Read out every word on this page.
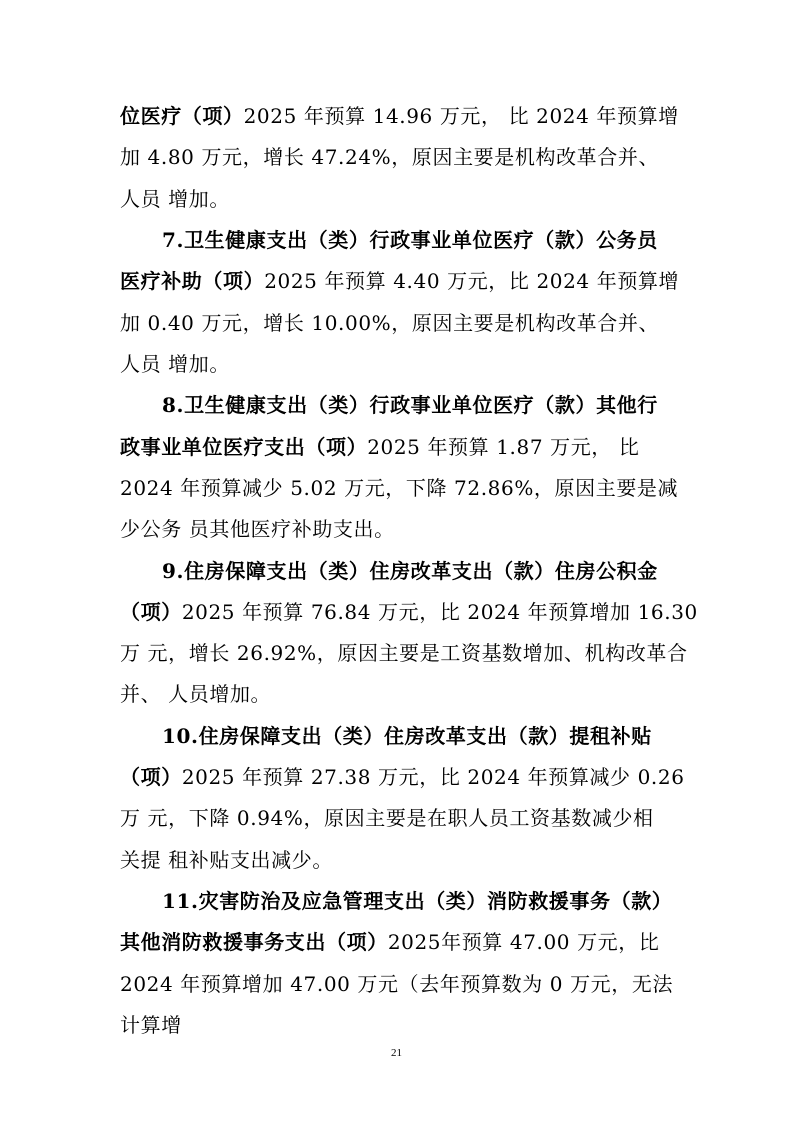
位医疗（项）2025 年预算 14.96 万元， 比 2024 年预算增
加 4.80 万元，增长 47.24%，原因主要是机构改革合并、
人员 增加。
7.卫生健康支出（类）行政事业单位医疗（款）公务员
医疗补助（项）2025 年预算 4.40 万元，比 2024 年预算增
加 0.40 万元，增长 10.00%，原因主要是机构改革合并、
人员 增加。
8.卫生健康支出（类）行政事业单位医疗（款）其他行
政事业单位医疗支出（项）2025 年预算 1.87 万元， 比
2024 年预算减少 5.02 万元，下降 72.86%，原因主要是减
少公务 员其他医疗补助支出。
9.住房保障支出（类）住房改革支出（款）住房公积金
（项）2025 年预算 76.84 万元，比 2024 年预算增加 16.30
万 元，增长 26.92%，原因主要是工资基数增加、机构改革合
并、 人员增加。
10.住房保障支出（类）住房改革支出（款）提租补贴
（项）2025 年预算 27.38 万元，比 2024 年预算减少 0.26
万 元，下降 0.94%，原因主要是在职人员工资基数减少相
关提 租补贴支出减少。
11.灾害防治及应急管理支出（类）消防救援事务（款）
其他消防救援事务支出（项）2025年预算 47.00 万元，比
2024 年预算增加 47.00 万元（去年预算数为 0 万元，无法
计算增
21
